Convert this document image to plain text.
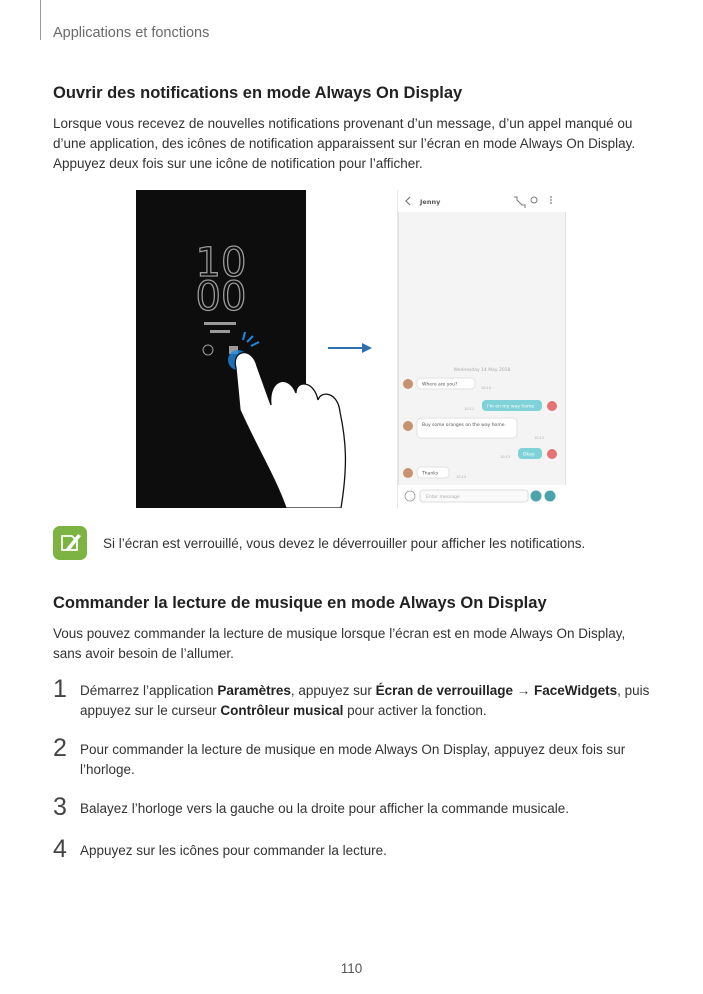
Applications et fonctions
Ouvrir des notifications en mode Always On Display
Lorsque vous recevez de nouvelles notifications provenant d’un message, d’un appel manqué ou d’une application, des icônes de notification apparaissent sur l’écran en mode Always On Display. Appuyez deux fois sur une icône de notification pour l’afficher.
10
00
Jenny
Wednesday 14 May 2018
Where are you?
10:10
I'm on my way home
10:11
Buy some oranges on the way home.
10:12
Okay
10:13
Thanks
10:14
Enter message
Si l’écran est verrouillé, vous devez le déverrouiller pour afficher les notifications.
Commander la lecture de musique en mode Always On Display
Vous pouvez commander la lecture de musique lorsque l’écran est en mode Always On Display, sans avoir besoin de l’allumer.
1 Démarrez l’application Paramètres, appuyez sur Écran de verrouillage → FaceWidgets, puis appuyez sur le curseur Contrôleur musical pour activer la fonction.
2 Pour commander la lecture de musique en mode Always On Display, appuyez deux fois sur l’horloge.
3 Balayez l’horloge vers la gauche ou la droite pour afficher la commande musicale.
4 Appuyez sur les icônes pour commander la lecture.
110
